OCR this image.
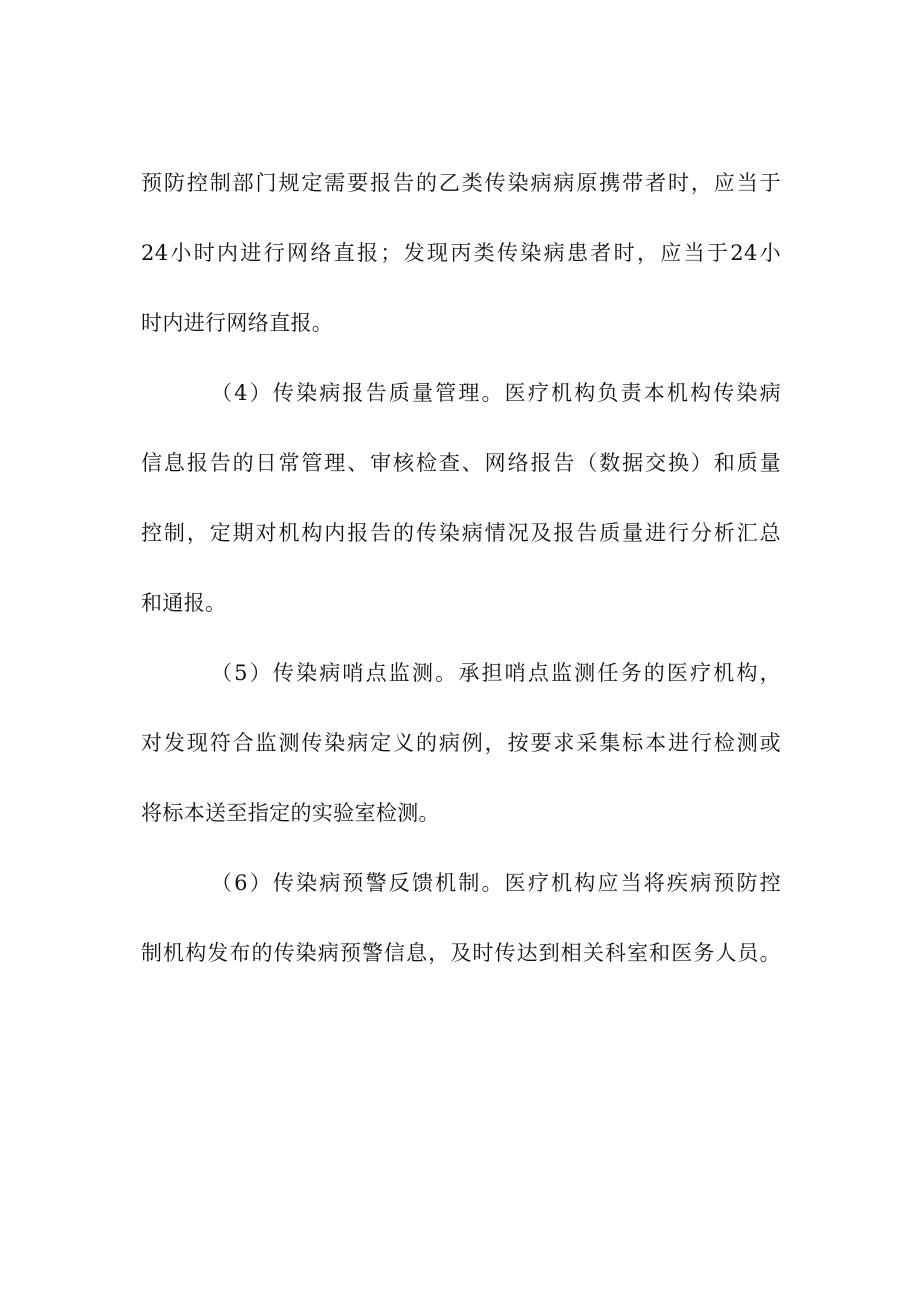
预防控制部门规定需要报告的乙类传染病病原携带者时，应当于
24小时内进行网络直报；发现丙类传染病患者时，应当于24小
时内进行网络直报。
（4）传染病报告质量管理。医疗机构负责本机构传染病
信息报告的日常管理、审核检查、网络报告（数据交换）和质量
控制，定期对机构内报告的传染病情况及报告质量进行分析汇总
和通报。
（5）传染病哨点监测。承担哨点监测任务的医疗机构，
对发现符合监测传染病定义的病例，按要求采集标本进行检测或
将标本送至指定的实验室检测。
（6）传染病预警反馈机制。医疗机构应当将疾病预防控
制机构发布的传染病预警信息，及时传达到相关科室和医务人员。
